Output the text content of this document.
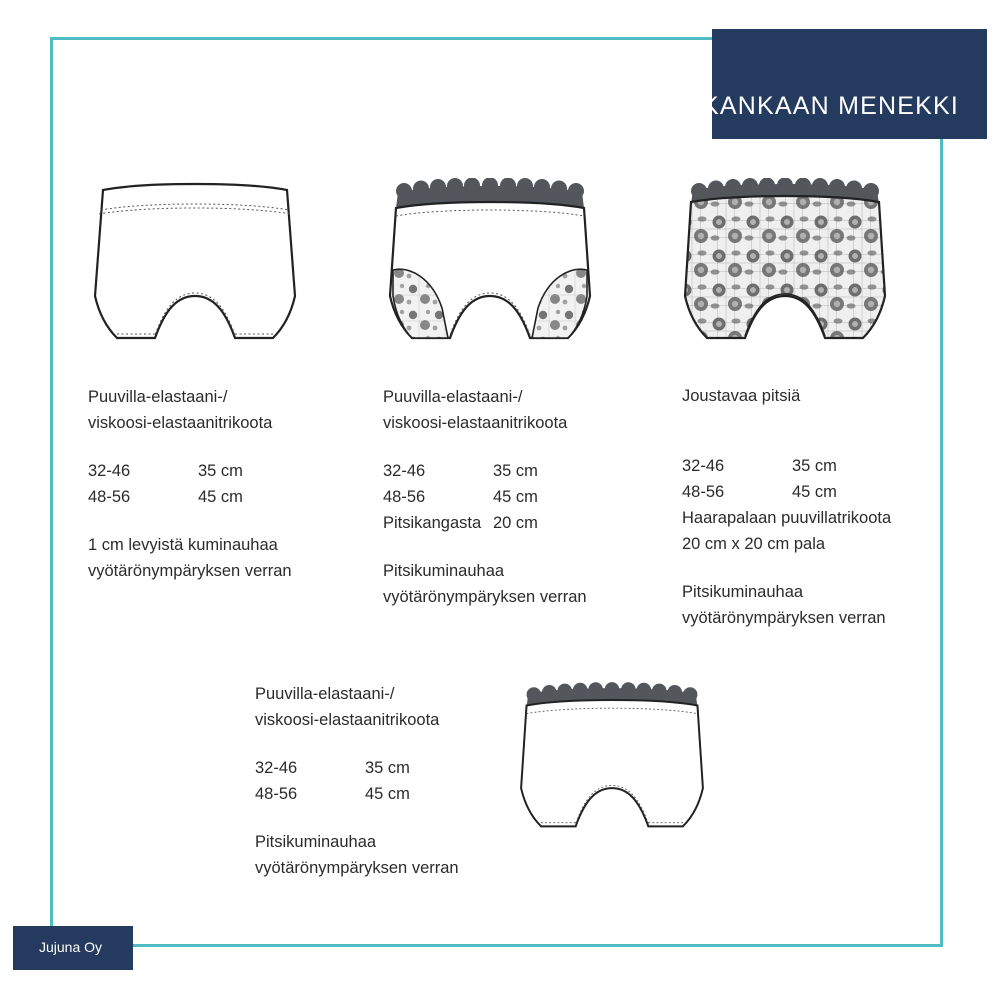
KANKAAN MENEKKI
Puuvilla-elastaani-/
viskoosi-elastaanitrikoota
32-46	35 cm
48-56	45 cm
1 cm levyistä kuminauhaa
vyötärönympäryksen verran
Puuvilla-elastaani-/
viskoosi-elastaanitrikoota
32-46	35 cm
48-56	45 cm
Pitsikangasta 20 cm
Pitsikuminauhaa
vyötärönympäryksen verran
Joustavaa pitsiä
32-46	35 cm
48-56	45 cm
Haarapalaan puuvillatrikoota
20 cm x 20 cm pala
Pitsikuminauhaa
vyötärönympäryksen verran
Puuvilla-elastaani-/
viskoosi-elastaanitrikoota
32-46	35 cm
48-56	45 cm
Pitsikuminauhaa
vyötärönympäryksen verran
Jujuna Oy
